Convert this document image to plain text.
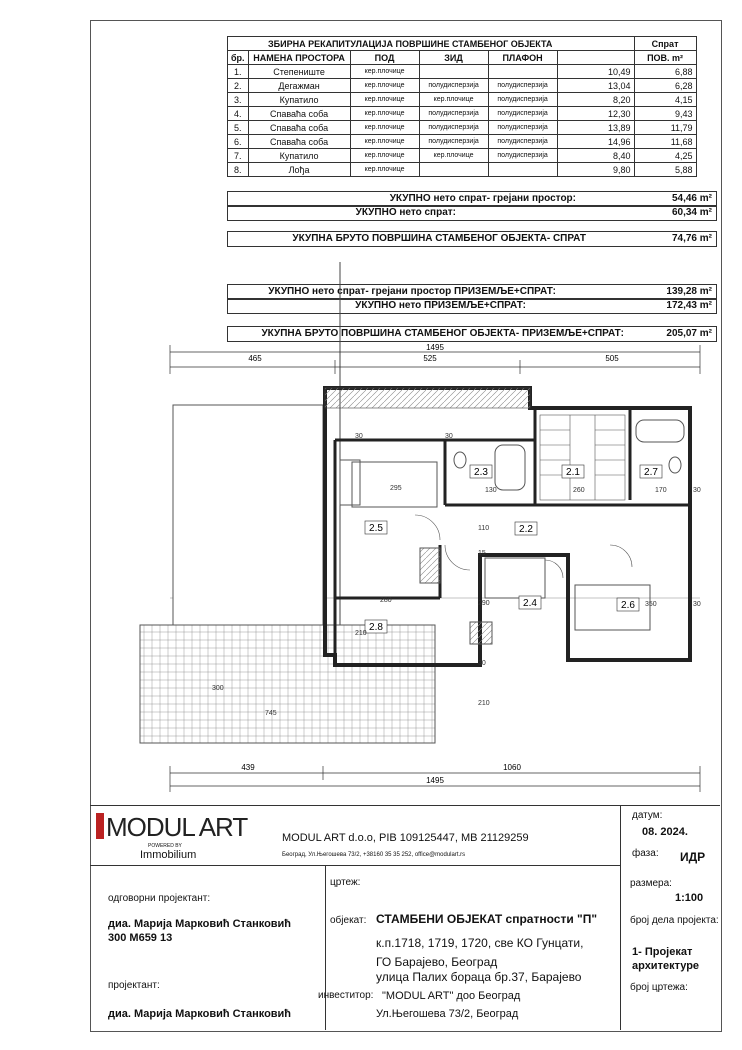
ЗБИРНА РЕКАПИТУЛАЦИЈА ПОВРШИНЕ СТАМБЕНОГ ОБЈЕКТА						Спрат
бр.	НАМЕНА ПРОСТОРА	ПОД	ЗИД	ПЛАФОН		ПОВ. m²
1.	Степениште	кер.плочице			10,49	6,88
2.	Дегажман	кер.плочице	полудисперзија	полудисперзија	13,04	6,28
3.	Купатило	кер.плочице	кер.плочице	полудисперзија	8,20	4,15
4.	Спаваћа соба	кер.плочице	полудисперзија	полудисперзија	12,30	9,43
5.	Спаваћа соба	кер.плочице	полудисперзија	полудисперзија	13,89	11,79
6.	Спаваћа соба	кер.плочице	полудисперзија	полудисперзија	14,96	11,68
7.	Купатило	кер.плочице	кер.плочице	полудисперзија	8,40	4,25
8.	Лођа	кер.плочице			9,80	5,88
УКУПНО нето спрат- грејани простор:	54,46 m²
УКУПНО нето спрат:	60,34 m²
УКУПНА БРУТО ПОВРШИНА СТАМБЕНОГ ОБЈЕКТА- СПРАТ	74,76 m²
УКУПНО нето спрат- грејани простор ПРИЗЕМЉЕ+СПРАТ:	139,28 m²
УКУПНО нето ПРИЗЕМЉЕ+СПРАТ:	172,43 m²
УКУПНА БРУТО ПОВРШИНА СТАМБЕНОГ ОБЈЕКТА- ПРИЗЕМЉЕ+СПРАТ:	205,07 m²
1495
465	525	505
439	1060
1495
2.1
2.2
2.3
2.4
2.5
2.6
2.7
2.8
295	260	170
130
110
280	290	350
210
300
745
210
30
30
30
30
15
30
MODUL ART
POWERED BY
Immobilium
MODUL ART d.o.o, PIB 109125447, MB 21129259
Београд, Ул.Његошева 73/2, +38160 35 35 252, office@modulart.rs
датум:
08. 2024.
фаза: ИДР
размера:
1:100
број дела пројекта:
1- Пројекат архитектуре
број цртежа:
одговорни пројектант:
диа. Марија Марковић Станковић
300 М659 13
пројектант:
диа. Марија Марковић Станковић
цртеж:
објекат: СТАМБЕНИ ОБЈЕКАТ спратности "П"
к.п.1718, 1719, 1720, све КО Гунцати,
ГО Барајево, Београд
улица Палих бораца бр.37, Барајево
инвеститор: "MODUL ART" доо Београд
Ул.Његошева 73/2, Београд
